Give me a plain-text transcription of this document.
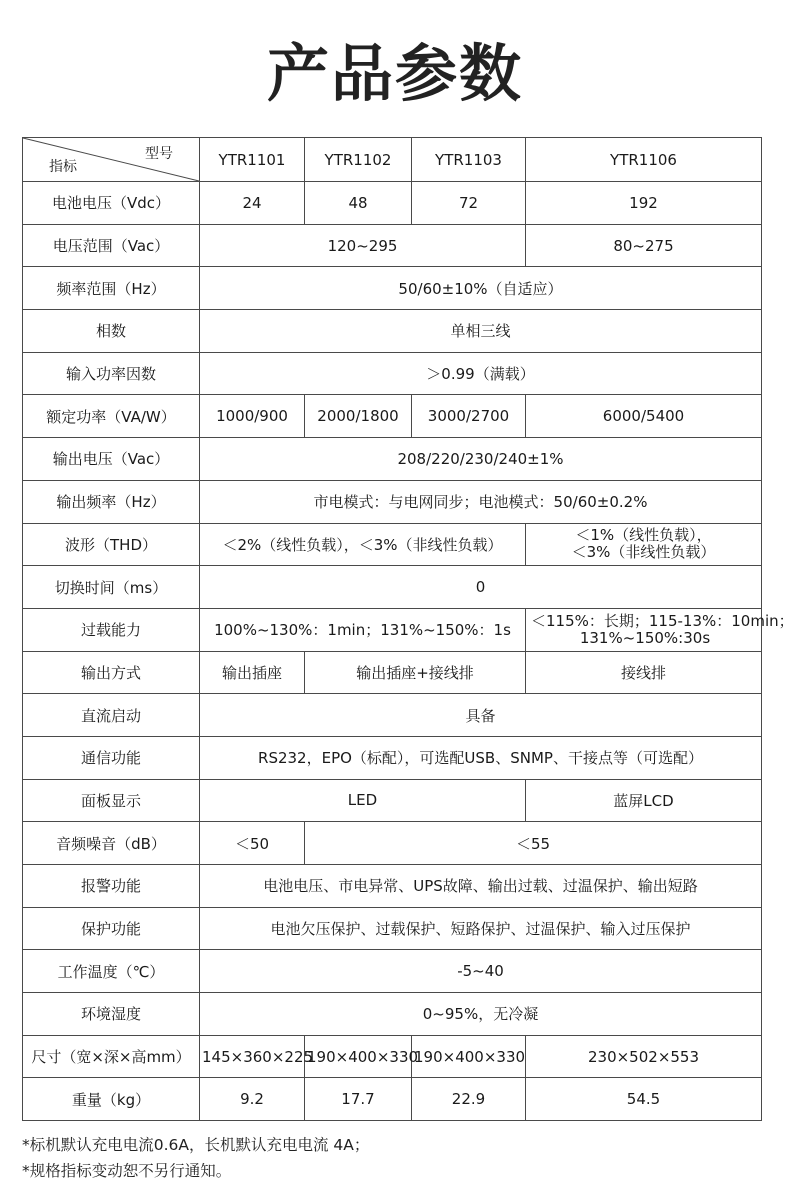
产品参数
型号
指标	YTR1101	YTR1102	YTR1103	YTR1106
电池电压（Vdc）	24	48	72	192
电压范围（Vac）	120~295			80~275
频率范围（Hz）	50/60±10%（自适应）			
相数	单相三线			
输入功率因数	＞0.99（满载）			
额定功率（VA/W）	1000/900	2000/1800	3000/2700	6000/5400
输出电压（Vac）	208/220/230/240±1%			
输出频率（Hz）	市电模式：与电网同步；电池模式：50/60±0.2%			
波形（THD）	＜2%（线性负载），＜3%（非线性负载）			＜1%（线性负载），
＜3%（非线性负载）

切换时间（ms）	0			
过载能力	100%~130%：1min；131%~150%：1s			＜115%：长期；115-13%：10min；
131%~150%:30s

输出方式	输出插座	输出插座+接线排		接线排
直流启动	具备			
通信功能	RS232，EPO（标配），可选配USB、SNMP、干接点等（可选配）			
面板显示	LED			蓝屏LCD
音频噪音（dB）	＜50	＜55		
报警功能	电池电压、市电异常、UPS故障、输出过载、过温保护、输出短路			
保护功能	电池欠压保护、过载保护、短路保护、过温保护、输入过压保护			
工作温度（℃）	-5~40			
环境湿度	0~95%，无冷凝			
尺寸（宽×深×高mm）	145×360×225	190×400×330	190×400×330	230×502×553
重量（kg）	9.2	17.7	22.9	54.5
*标机默认充电电流0.6A，长机默认充电电流 4A；
*规格指标变动恕不另行通知。
